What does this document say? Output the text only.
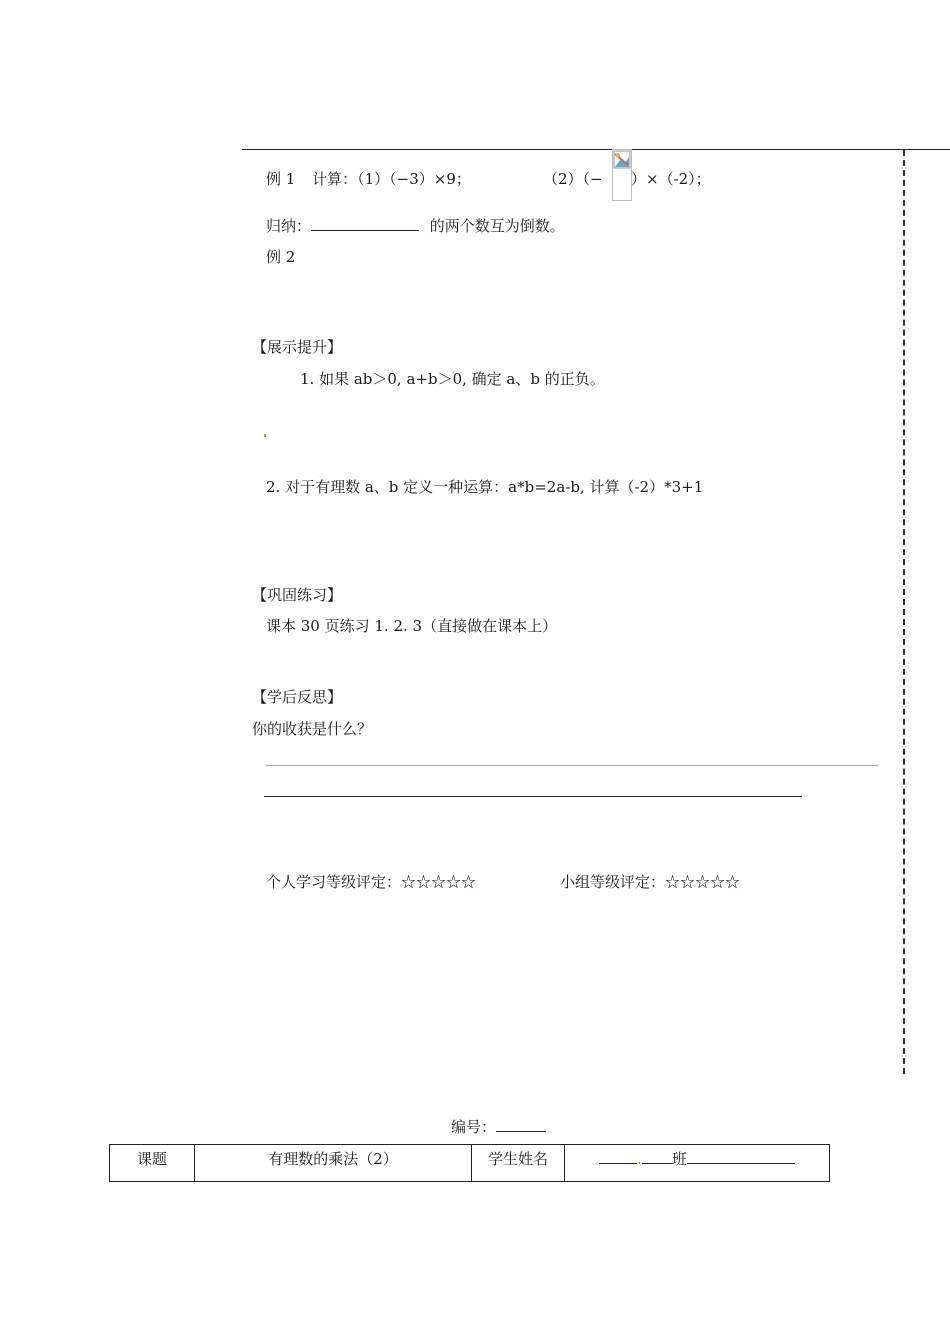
例 1 计算：（1）（−3）×9；	（2）（− ）×（-2）；
归纳：	的两个数互为倒数。
例 2
【展示提升】
1. 如果 ab＞0, a+b＞0, 确定 a、b 的正负。
2. 对于有理数 a、b 定义一种运算：a*b=2a-b, 计算（-2）*3+1
【巩固练习】
课本 30 页练习 1. 2. 3（直接做在课本上）
【学后反思】
你的收获是什么？
个人学习等级评定：☆☆☆☆☆	小组等级评定：☆☆☆☆☆
编号：
课题	有理数的乘法（2）	学生姓名	. 班
